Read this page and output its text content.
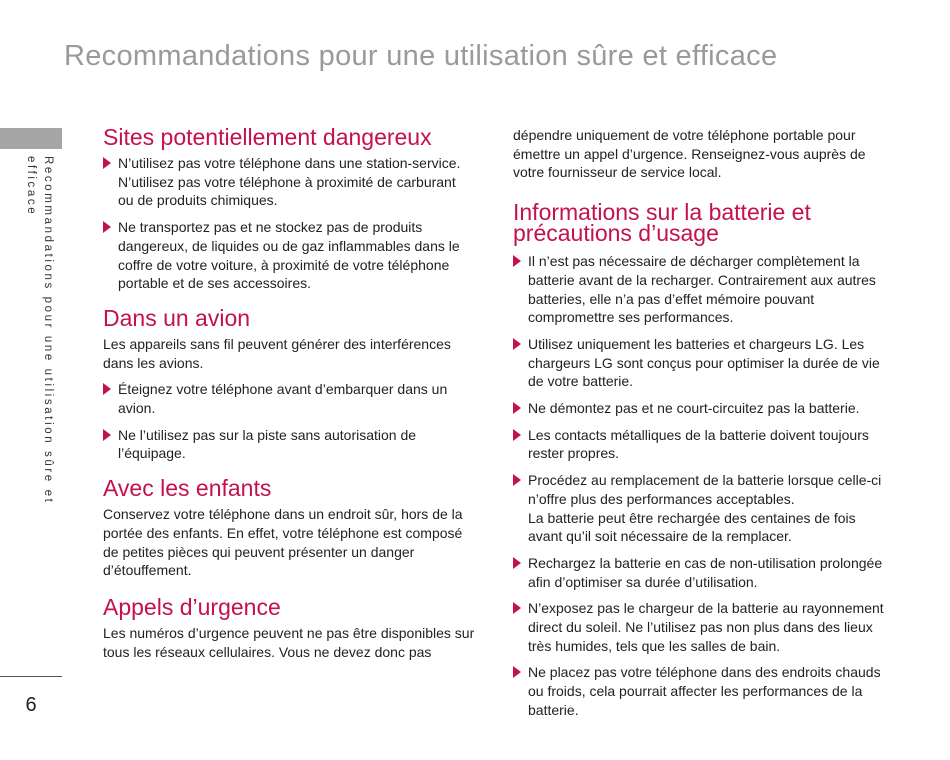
Recommandations pour une utilisation sûre et efficace
Recommandations pour une utilisation sûre et efficace
6
Sites potentiellement dangereux
N’utilisez pas votre téléphone dans une station-service. N’utilisez pas votre téléphone à proximité de carburant ou de produits chimiques.
Ne transportez pas et ne stockez pas de produits dangereux, de liquides ou de gaz inflammables dans le coffre de votre voiture, à proximité de votre téléphone portable et de ses accessoires.
Dans un avion

Les appareils sans fil peuvent générer des interférences dans les avions.

Éteignez votre téléphone avant d’embarquer dans un avion.
Ne l’utilisez pas sur la piste sans autorisation de l’équipage.
Avec les enfants

Conservez votre téléphone dans un endroit sûr, hors de la portée des enfants. En effet, votre téléphone est composé de petites pièces qui peuvent présenter un danger d’étouffement.

Appels d’urgence

Les numéros d’urgence peuvent ne pas être disponibles sur tous les réseaux cellulaires. Vous ne devez donc pas

dépendre uniquement de votre téléphone portable pour émettre un appel d’urgence. Renseignez-vous auprès de votre fournisseur de service local.

Informations sur la batterie et précautions d’usage
Il n’est pas nécessaire de décharger complètement la batterie avant de la recharger. Contrairement aux autres batteries, elle n’a pas d’effet mémoire pouvant compromettre ses performances.
Utilisez uniquement les batteries et chargeurs LG. Les chargeurs LG sont conçus pour optimiser la durée de vie de votre batterie.
Ne démontez pas et ne court-circuitez pas la batterie.
Les contacts métalliques de la batterie doivent toujours rester propres.
Procédez au remplacement de la batterie lorsque celle-ci n’offre plus des performances acceptables.
La batterie peut être rechargée des centaines de fois avant qu’il soit nécessaire de la remplacer.
Rechargez la batterie en cas de non-utilisation prolongée afin d’optimiser sa durée d’utilisation.
N’exposez pas le chargeur de la batterie au rayonnement direct du soleil. Ne l’utilisez pas non plus dans des lieux très humides, tels que les salles de bain.
Ne placez pas votre téléphone dans des endroits chauds ou froids, cela pourrait affecter les performances de la batterie.
